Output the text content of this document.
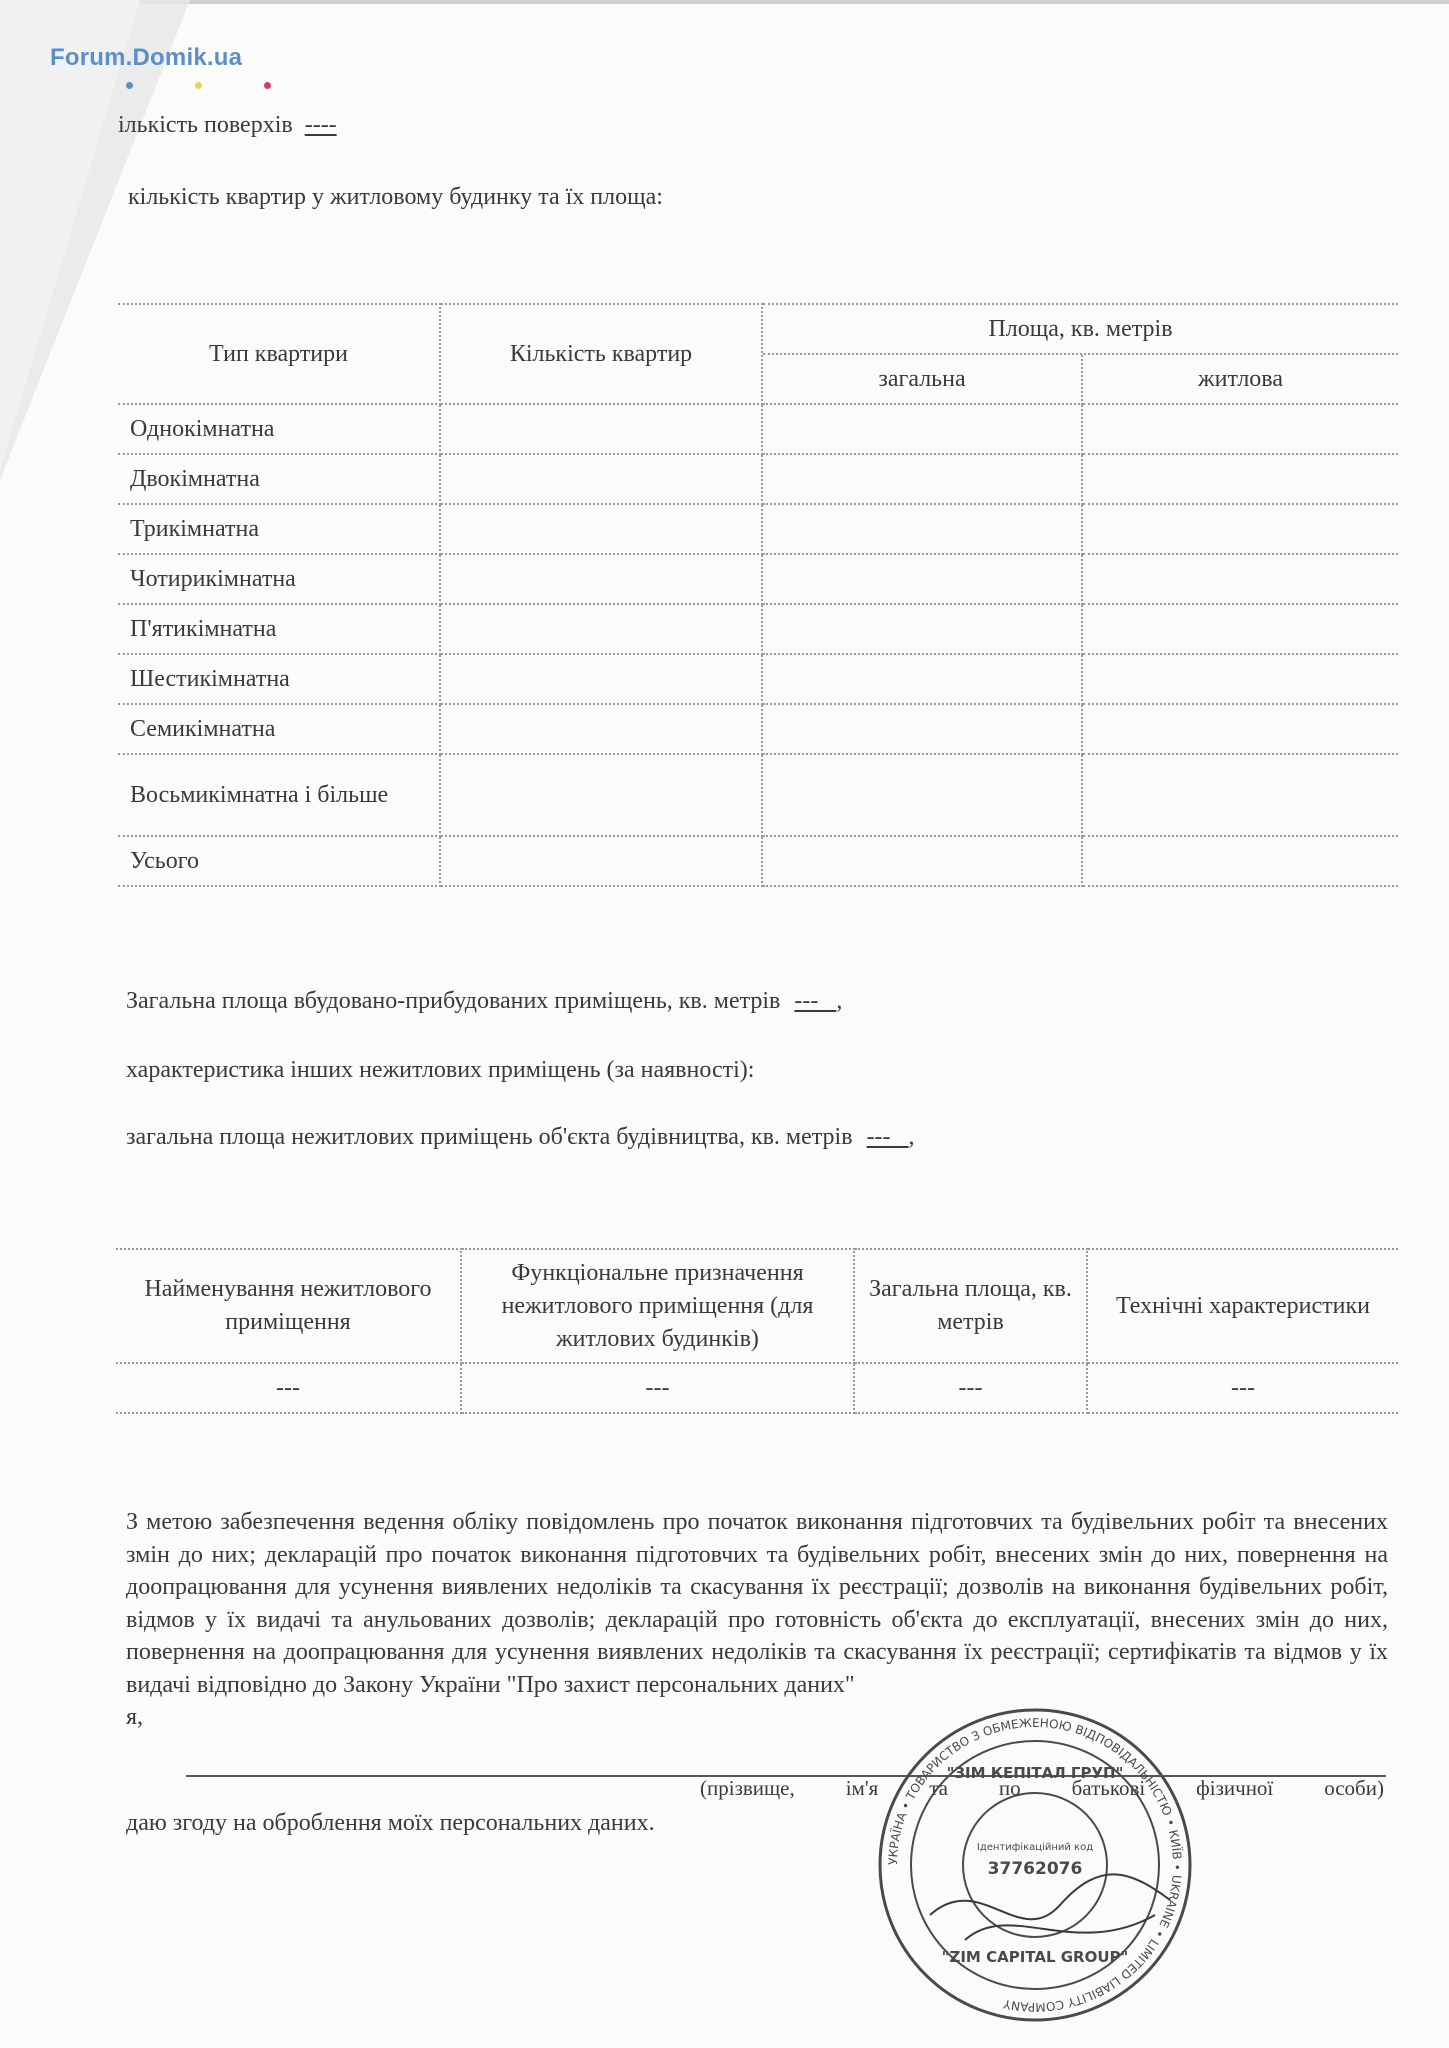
Forum.Domik.ua
ількість поверхів ----
кількість квартир у житловому будинку та їх площа:
Тип квартири	Кількість квартир	Площа, кв. метрів	
		загальна	житлова
Однокімнатна			
Двокімнатна			
Трикімнатна			
Чотирикімнатна			
П'ятикімнатна			
Шестикімнатна			
Семикімнатна			
Восьмикімнатна і більше			
Усього			
Загальна площа вбудовано-прибудованих приміщень, кв. метрів --- ,
характеристика інших нежитлових приміщень (за наявності):
загальна площа нежитлових приміщень об'єкта будівництва, кв. метрів --- ,
Найменування нежитлового приміщення	Функціональне призначення нежитлового приміщення (для житлових будинків)	Загальна площа, кв. метрів	Технічні характеристики
---	---	---	---
З метою забезпечення ведення обліку повідомлень про початок виконання підготовчих та будівельних робіт та внесених змін до них; декларацій про початок виконання підготовчих та будівельних робіт, внесених змін до них, повернення на доопрацювання для усунення виявлених недоліків та скасування їх реєстрації; дозволів на виконання будівельних робіт, відмов у їх видачі та анульованих дозволів; декларацій про готовність об'єкта до експлуатації, внесених змін до них, повернення на доопрацювання для усунення виявлених недоліків та скасування їх реєстрації; сертифікатів та відмов у їх видачі відповідно до Закону України "Про захист персональних даних"
я,
(прізвище, ім'я та по батькові фізичної особи)
даю згоду на оброблення моїх персональних даних.
УКРАЇНА • ТОВАРИСТВО З ОБМЕЖЕНОЮ ВІДПОВІДАЛЬНІСТЮ • КИЇВ • UKRAINE • LIMITED LIABILITY COMPANY
"ЗІМ КЕПІТАЛ ГРУП"
Ідентифікаційний код
37762076
"ZIM CAPITAL GROUP"
